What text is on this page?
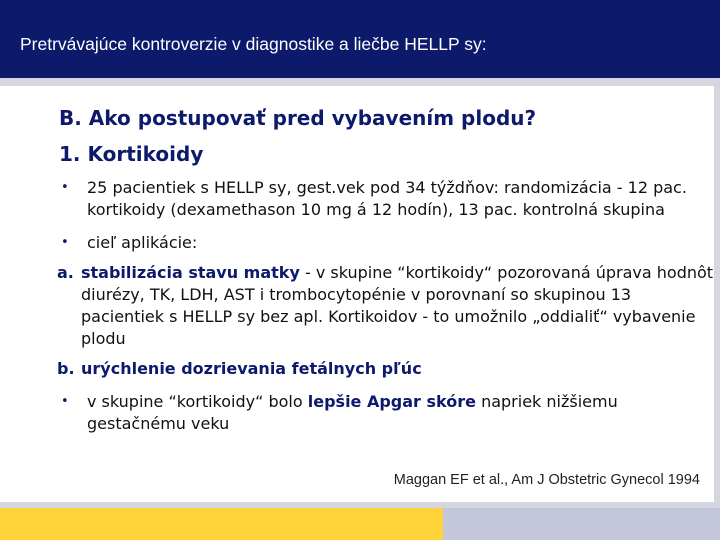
Pretrvávajúce kontroverzie v diagnostike a liečbe HELLP sy:

B. Ako postupovať pred vybavením plodu?

1. Kortikoidy

• 25 pacientiek s HELLP sy, gest.vek pod 34 týždňov: randomizácia - 12 pac. kortikoidy (dexamethason 10 mg á 12 hodín), 13 pac. kontrolná skupina
• cieľ aplikácie:
a. stabilizácia stavu matky - v skupine “kortikoidy“ pozorovaná úprava hodnôt diurézy, TK, LDH, AST i trombocytopénie v porovnaní so skupinou 13 pacientiek s HELLP sy bez apl. Kortikoidov - to umožnilo „oddialiť“ vybavenie plodu
b. urýchlenie dozrievania fetálnych pľúc
• v skupine “kortikoidy“ bolo lepšie Apgar skóre napriek nižšiemu gestačnému veku
Maggan EF et al., Am J Obstetric Gynecol 1994
